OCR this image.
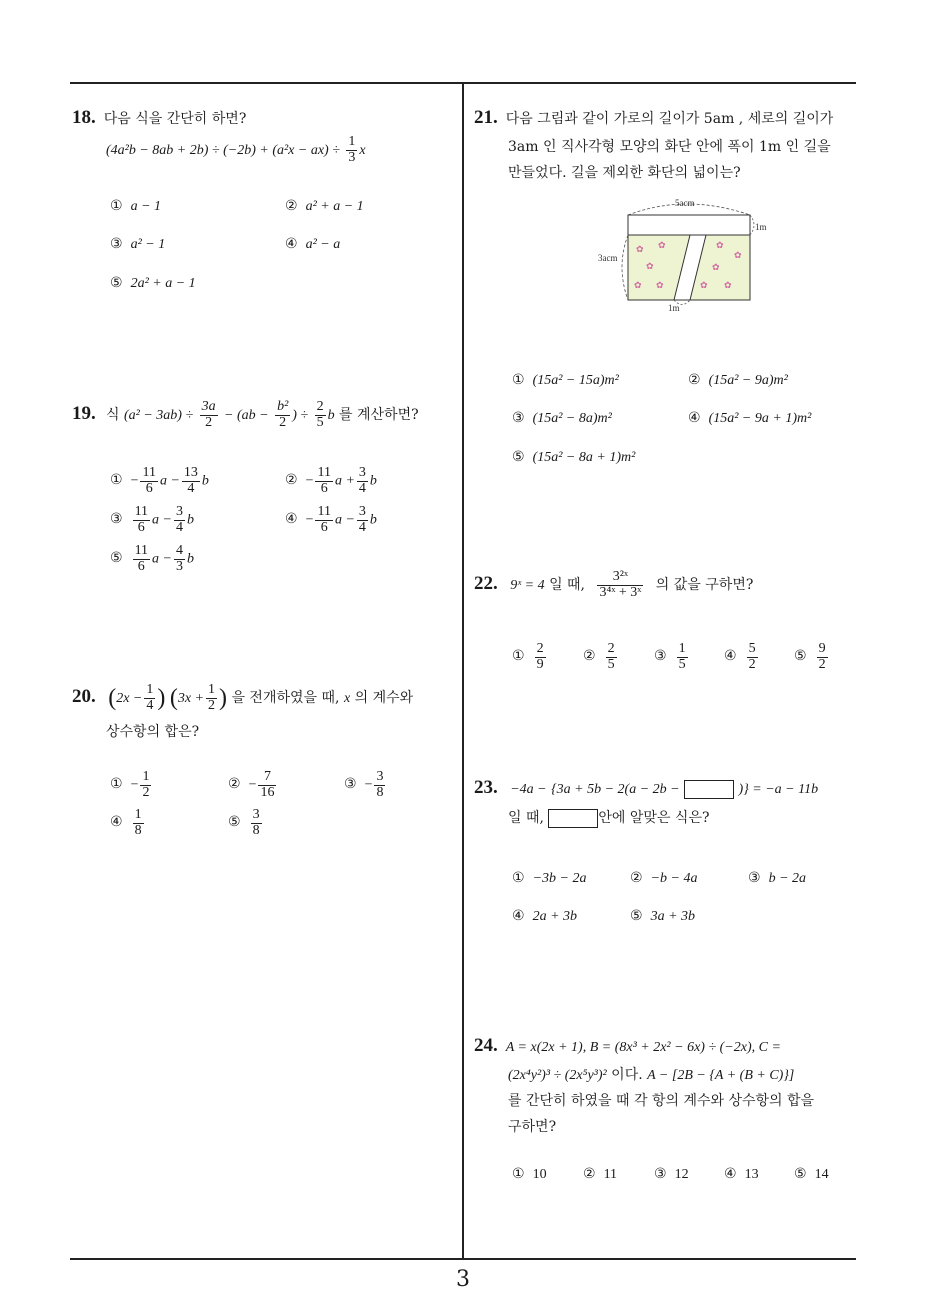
18. 다음 식을 간단히 하면?
$(4a^2b - 8ab + 2b) \div (-2b) + (a^2x - ax) \div \frac{1}{3}$ x
① a − 1	② a² + a − 1
③ a² − 1	④ a² − a
⑤ 2a² + a − 1
19. 식 $(a^2 - 3ab) \div \frac{3a}{2} - (ab - \frac{\text{b²}}{2}$ ) ÷ $\frac{2}{5}$ b 를 계산하면?
① − $\frac{11}{6}$ $a - \frac{13}{4}$ b	② − $\frac{11}{6}$ $a + \frac{3}{4}$ b
③ $\frac{11}{6}$ $a - \frac{3}{4}$ b	④ − $\frac{11}{6}$ $a - \frac{3}{4}$ b
⑤ $\frac{11}{6}$ $a - \frac{4}{3}$ b
20. ($2x - \frac{1}{4}$ ) ($3x + \frac{1}{2}$ ) 을 전개하였을 때, x 의 계수와
상수항의 합은?
① − $\frac{1}{2}$	② − $\frac{7}{16}$	③ − $\frac{3}{8}$
④ $\frac{1}{8}$	⑤ $\frac{3}{8}$
21. 다음 그림과 같이 가로의 길이가 5am , 세로의 길이가
3am 인 직사각형 모양의 화단 안에 폭이 1m 인 길을
만들었다. 길을 제외한 화단의 넓이는?
5acm
3acm
1m
1m
✿ ✿
✿
✿ ✿
✿
✿
✿
✿ ✿
① (15a² − 15a)m²	② (15a² − 9a)m²
③ (15a² − 8a)m²	④ (15a² − 9a + 1)m²
⑤ (15a² − 8a + 1)m²
22. 9ˣ = 4 일 때, $\frac{\text{3²ˣ}}{\text{3⁴ˣ + 3ˣ}}$ 의 값을 구하면?
① $\frac{2}{9}$	② $\frac{2}{5}$	③ $\frac{1}{5}$	④ $\frac{5}{2}$	⑤ $\frac{9}{2}$
23. −4a − {3a + 5b − 2(a − 2b −	)} = −a − 11b
일 때,	안에 알맞은 식은?
① −3b − 2a	② −b − 4a	③ b − 2a
④ 2a + 3b	⑤ 3a + 3b
24. A = x(2x + 1), B = (8x³ + 2x² − 6x) ÷ (−2x), C =
(2x⁴y²)³ ÷ (2x⁵y³)² 이다. A − [2B − {A + (B + C)}]
를 간단히 하였을 때 각 항의 계수와 상수항의 합을
구하면?
① 10	② 11	③ 12	④ 13	⑤ 14
3
